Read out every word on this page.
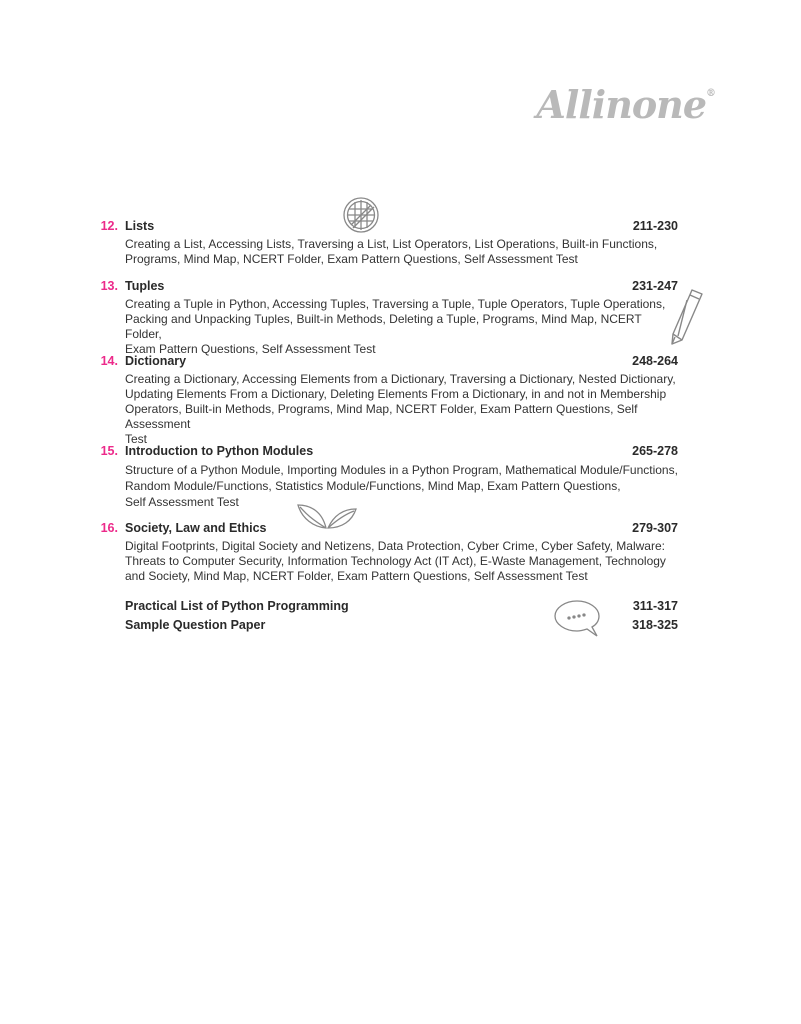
Allinone®
12. Lists	211-230
Creating a List, Accessing Lists, Traversing a List, List Operators, List Operations, Built-in Functions,
Programs, Mind Map, NCERT Folder, Exam Pattern Questions, Self Assessment Test
13. Tuples	231-247
Creating a Tuple in Python, Accessing Tuples, Traversing a Tuple, Tuple Operators, Tuple Operations,
Packing and Unpacking Tuples, Built-in Methods, Deleting a Tuple, Programs, Mind Map, NCERT Folder,
Exam Pattern Questions, Self Assessment Test
14. Dictionary	248-264
Creating a Dictionary, Accessing Elements from a Dictionary, Traversing a Dictionary, Nested Dictionary,
Updating Elements From a Dictionary, Deleting Elements From a Dictionary, in and not in Membership
Operators, Built-in Methods, Programs, Mind Map, NCERT Folder, Exam Pattern Questions, Self Assessment
Test
15. Introduction to Python Modules	265-278
Structure of a Python Module, Importing Modules in a Python Program, Mathematical Module/Functions,
Random Module/Functions, Statistics Module/Functions, Mind Map, Exam Pattern Questions,
Self Assessment Test
16. Society, Law and Ethics	279-307
Digital Footprints, Digital Society and Netizens, Data Protection, Cyber Crime, Cyber Safety, Malware:
Threats to Computer Security, Information Technology Act (IT Act), E-Waste Management, Technology
and Society, Mind Map, NCERT Folder, Exam Pattern Questions, Self Assessment Test
Practical List of Python Programming	311-317
Sample Question Paper	318-325
